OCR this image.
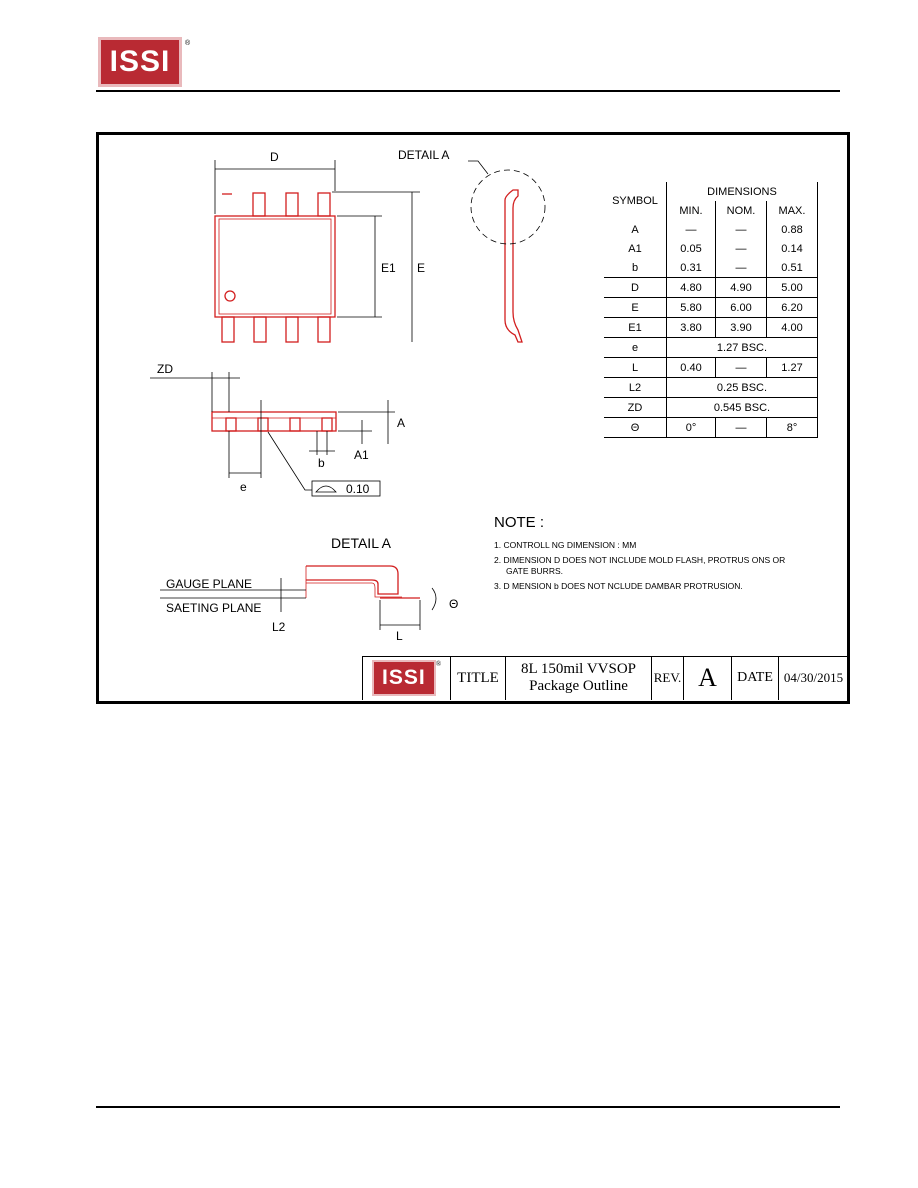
ISSI
®
D
E1 E
DETAIL A
ZD
A
A1
b
e	0.10
DETAIL A
GAUGE PLANE
SAETING PLANE
L2
L
Θ
SYMBOL	DIMENSIONS		
	MIN.	NOM.	MAX.
A	—	—	0.88
A1	0.05	—	0.14
b	0.31	—	0.51
D	4.80	4.90	5.00
E	5.80	6.00	6.20
E1	3.80	3.90	4.00
e	1.27 BSC.		
L	0.40	—	1.27
L2	0.25 BSC.		
ZD	0.545 BSC.		
Θ	0°	—	8°
NOTE :
1. CONTROLL NG DIMENSION : MM
2. DIMENSION D DOES NOT INCLUDE MOLD FLASH, PROTRUS ONS OR
GATE BURRS.
3. D MENSION b DOES NOT NCLUDE DAMBAR PROTRUSION.
ISSI
®
TITLE
8L 150mil VVSOP
Package Outline
REV. A DATE 04/30/2015
